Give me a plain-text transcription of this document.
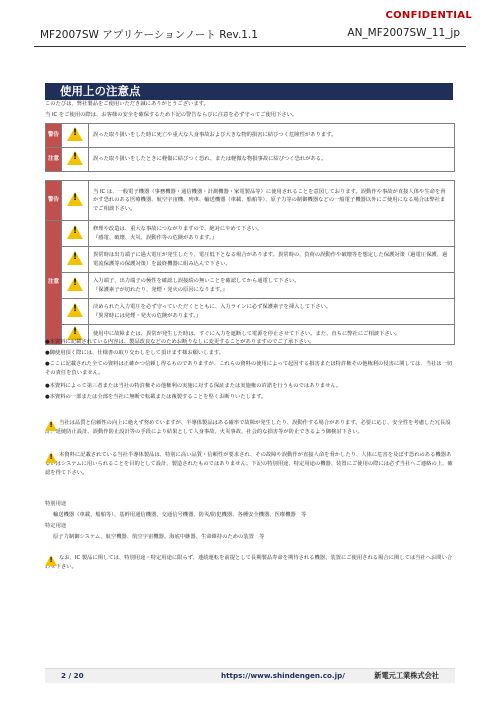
CONFIDENTIAL
MF2007SW アプリケーションノート Rev.1.1	AN_MF2007SW_11_jp
使用上の注意点
このたびは、弊社製品をご使用いただき誠にありがとうございます。
当 IC をご使用の際は、お客様の安全を確保するため下記の警告ならびに注意を必ず守ってご使用下さい。
警告	!	誤った取り扱いをした時に死亡や重大な人身事故および大きな物的損害に結びつく危険性があります。
注意	!	誤った取り扱いをしたときに軽傷に結びつく恐れ、または軽微な物損事故に結びつく恐れがある。
警告	!	当 IC は、一般電子機器（事務機器・通信機器・計測機器・家電製品等）に使用されることを意図しております。誤動作や事故が直接人体や生命を脅かす恐れのある医療機器、航空宇宙機、列車、輸送機器（車載、船舶等）、原子力等の制御機器などの一般電子機器以外にご使用になる場合は弊社までご相談下さい。
注意	!	修理や改造は、重大な事故につながりますので、絶対にやめて下さい。
『感電、破壊、火災、誤動作等の危険があります。』
!	異常時は出力端子に過大電圧が発生したり、電圧低下となる場合があります。異常時の、負荷の誤動作や破壊等を想定した保護対策（過電圧保護、過電流保護等の保護対策）を最終機器に組み込んで下さい。
!	入力端子、出力端子の極性を確認し誤接続の無いことを確認してから通電して下さい。
『保護素子が切れたり、発煙・発火の原因になります。』
!	決められた入力電圧を必ず守っていただくとともに、入力ラインに必ず保護素子を挿入して下さい。
『異常時には発煙・発火の危険があります。』
!	使用中に故障または、異常が発生した時は、すぐに入力を遮断して電源を停止させて下さい。また、直ちに弊社にご相談下さい。
●本資料に記載されている内容は、製品改良などのためお断りなしに変更することがありますのでご了承下さい。
●御使用頂く際には、仕様書の取り交わしをして頂けます様お願いします。
●ここに記載された全ての資料は正確かつ信頼し得るものでありますが、これらの資料の使用によって起因する損害または特許権その他権利の侵害に関しては、当社は一切その責任を負いません。
●本資料によって第三者または当社の特許権その他権利の実施に対する保証または実施権の許諾を行うものではありません。
●本資料の一部または全部を当社に無断で転載または複製することを堅くお断りいたします。
!
当社は品質と信頼性の向上に絶えず努めていますが、半導体製品はある確率で故障が発生したり、誤動作する場合があります。必要に応じ、安全性を考慮した冗長設計、延焼防止設計、誤動作防止設計等の手段により結果として人身事故、火災事故、社会的な損害等が防止できるよう御検討下さい。
!
本資料に記載されている当社半導体製品は、特別に高い品質・信頼性が要求され、その故障や誤動作が直接人命を脅かしたり、人体に危害を及ぼす恐れのある機器あるいはシステムに用いられることを目的として設計、製造されたものではありません。下記の特別用途、特定用途の機器、装置にご使用の際には必ず当社へご連絡の上、確認を得て下さい。
特別用途
輸送機器（車載、船舶等）、基幹用通信機器、交通信号機器、防災/防犯機器、各種安全機器、医療機器　等
特定用途
原子力制御システム、航空機器、航空宇宙機器、海底中継器、生命維持のための装置　等
!
なお、IC 製品に関しては、特別用途・特定用途に限らず、連続運転を前提として長期製品寿命を期待される機器、装置にご使用される場合に関しては当社へお問い合わせ下さい。
2 / 20	https://www.shindengen.co.jp/	新電元工業株式会社
